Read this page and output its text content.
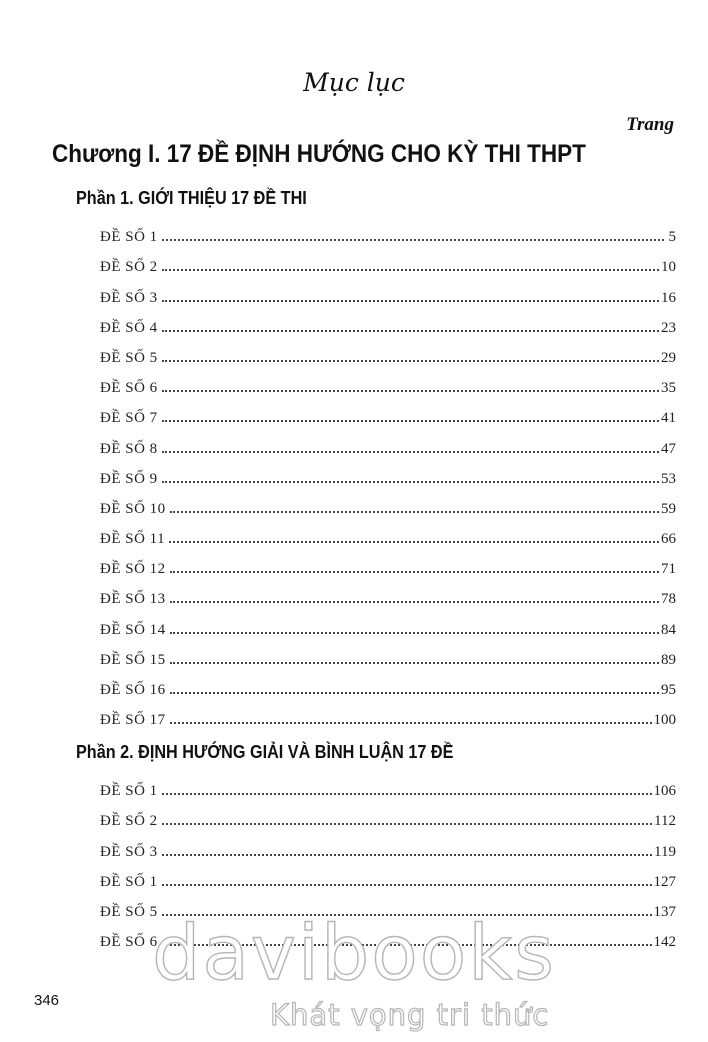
Mục lục
Trang
Chương I. 17 ĐỀ ĐỊNH HƯỚNG CHO KỲ THI THPT
Phần 1. GIỚI THIỆU 17 ĐỀ THI
ĐỀ SỐ 1	5
ĐỀ SỐ 2	10
ĐỀ SỐ 3	16
ĐỀ SỐ 4	23
ĐỀ SỐ 5	29
ĐỀ SỐ 6	35
ĐỀ SỐ 7	41
ĐỀ SỐ 8	47
ĐỀ SỐ 9	53
ĐỀ SỐ 10	59
ĐỀ SỐ 11	66
ĐỀ SỐ 12	71
ĐỀ SỐ 13	78
ĐỀ SỐ 14	84
ĐỀ SỐ 15	89
ĐỀ SỐ 16	95
ĐỀ SỐ 17	100
Phần 2. ĐỊNH HƯỚNG GIẢI VÀ BÌNH LUẬN 17 ĐỀ
ĐỀ SỐ 1	106
ĐỀ SỐ 2	112
ĐỀ SỐ 3	119
ĐỀ SỐ 1	127
ĐỀ SỐ 5	137
ĐỀ SỐ 6	142
346
davibooks
Khát vọng tri thức
